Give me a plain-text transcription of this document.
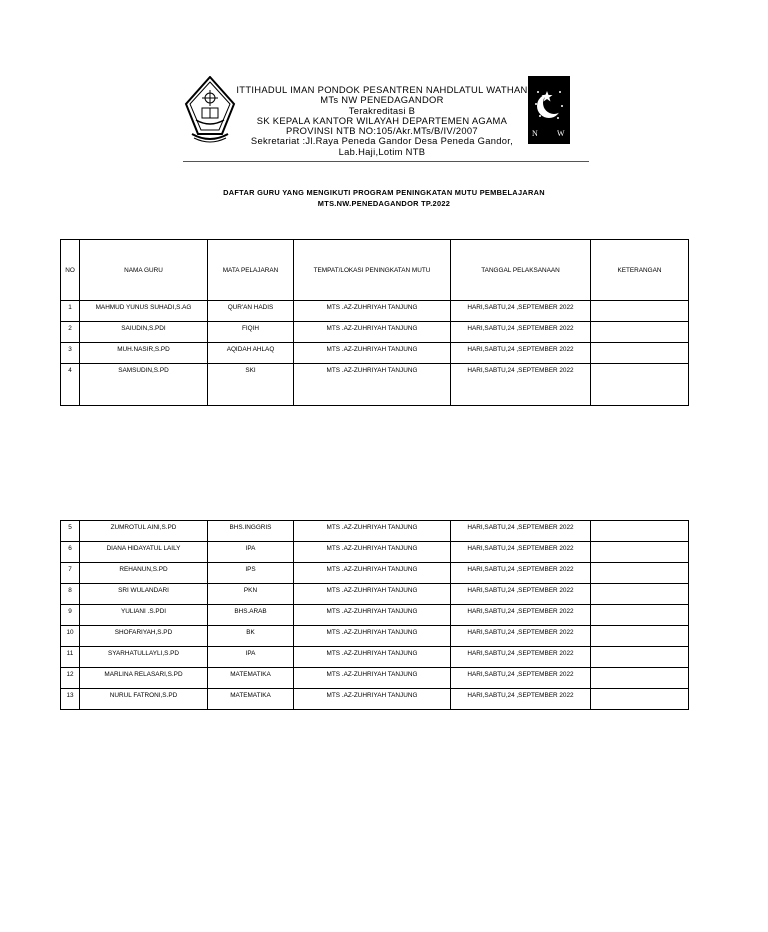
N W
ITTIHADUL IMAN PONDOK PESANTREN NAHDLATUL WATHAN
MTs NW PENEDAGANDOR
Terakreditasi B
SK KEPALA KANTOR WILAYAH DEPARTEMEN AGAMA
PROVINSI NTB NO:105/Akr.MTs/B/IV/2007
Sekretariat :Jl.Raya Peneda Gandor Desa Peneda Gandor,
Lab.Haji,Lotim NTB
DAFTAR GURU YANG MENGIKUTI PROGRAM PENINGKATAN MUTU PEMBELAJARAN
MTS.NW.PENEDAGANDOR TP.2022
NO	NAMA GURU	MATA PELAJARAN	TEMPAT/LOKASI PENINGKATAN MUTU	TANGGAL PELAKSANAAN	KETERANGAN
1	MAHMUD YUNUS SUHADI,S.AG	QUR'AN HADIS	MTS .AZ-ZUHRIYAH TANJUNG	HARI,SABTU,24 ,SEPTEMBER 2022	
2	SAIUDIN,S.PDI	FIQIH	MTS .AZ-ZUHRIYAH TANJUNG	HARI,SABTU,24 ,SEPTEMBER 2022	
3	MUH.NASIR,S.PD	AQIDAH AHLAQ	MTS .AZ-ZUHRIYAH TANJUNG	HARI,SABTU,24 ,SEPTEMBER 2022	
4	SAMSUDIN,S.PD	SKI	MTS .AZ-ZUHRIYAH TANJUNG	HARI,SABTU,24 ,SEPTEMBER 2022	
5	ZUMROTUL AINI,S.PD	BHS.INGGRIS	MTS .AZ-ZUHRIYAH TANJUNG	HARI,SABTU,24 ,SEPTEMBER 2022	
6	DIANA HIDAYATUL LAILY	IPA	MTS .AZ-ZUHRIYAH TANJUNG	HARI,SABTU,24 ,SEPTEMBER 2022	
7	REHANUN,S.PD	IPS	MTS .AZ-ZUHRIYAH TANJUNG	HARI,SABTU,24 ,SEPTEMBER 2022	
8	SRI WULANDARI	PKN	MTS .AZ-ZUHRIYAH TANJUNG	HARI,SABTU,24 ,SEPTEMBER 2022	
9	YULIANI .S.PDI	BHS.ARAB	MTS .AZ-ZUHRIYAH TANJUNG	HARI,SABTU,24 ,SEPTEMBER 2022	
10	SHOFARIYAH,S.PD	BK	MTS .AZ-ZUHRIYAH TANJUNG	HARI,SABTU,24 ,SEPTEMBER 2022	
11	SYARHATULLAYLI,S.PD	IPA	MTS .AZ-ZUHRIYAH TANJUNG	HARI,SABTU,24 ,SEPTEMBER 2022	
12	MARLINA RELASARI,S.PD	MATEMATIKA	MTS .AZ-ZUHRIYAH TANJUNG	HARI,SABTU,24 ,SEPTEMBER 2022	
13	NURUL FATRONI,S.PD	MATEMATIKA	MTS .AZ-ZUHRIYAH TANJUNG	HARI,SABTU,24 ,SEPTEMBER 2022	
